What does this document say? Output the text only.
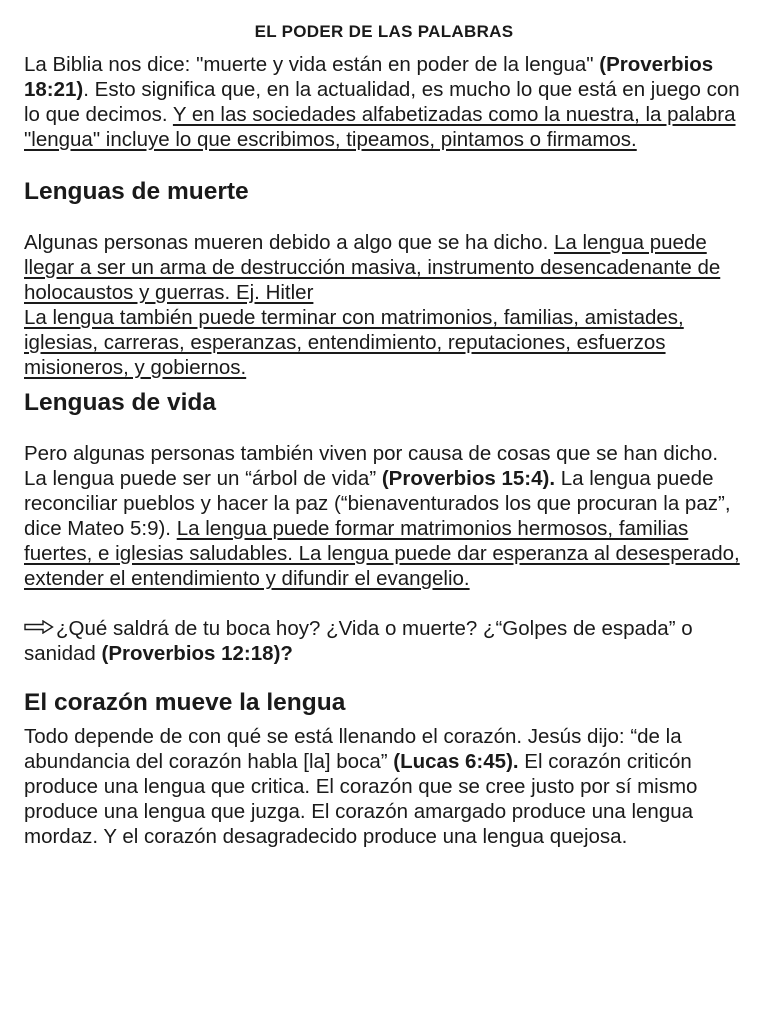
EL PODER DE LAS PALABRAS

La Biblia nos dice: "muerte y vida están en poder de la lengua" (Proverbios 18:21). Esto significa que, en la actualidad, es mucho lo que está en juego con lo que decimos. Y en las sociedades alfabetizadas como la nuestra, la palabra "lengua" incluye lo que escribimos, tipeamos, pintamos o firmamos.

Lenguas de muerte

Algunas personas mueren debido a algo que se ha dicho. La lengua puede llegar a ser un arma de destrucción masiva, instrumento desencadenante de holocaustos y guerras. Ej. Hitler
La lengua también puede terminar con matrimonios, familias, amistades, iglesias, carreras, esperanzas, entendimiento, reputaciones, esfuerzos misioneros, y gobiernos.

Lenguas de vida

Pero algunas personas también viven por causa de cosas que se han dicho. La lengua puede ser un “árbol de vida” (Proverbios 15:4). La lengua puede reconciliar pueblos y hacer la paz (“bienaventurados los que procuran la paz”, dice Mateo 5:9). La lengua puede formar matrimonios hermosos, familias fuertes, e iglesias saludables. La lengua puede dar esperanza al desesperado, extender el entendimiento y difundir el evangelio.

¿Qué saldrá de tu boca hoy? ¿Vida o muerte? ¿“Golpes de espada” o sanidad (Proverbios 12:18)?

El corazón mueve la lengua

Todo depende de con qué se está llenando el corazón. Jesús dijo: “de la abundancia del corazón habla [la] boca” (Lucas 6:45). El corazón criticón produce una lengua que critica. El corazón que se cree justo por sí mismo produce una lengua que juzga. El corazón amargado produce una lengua mordaz. Y el corazón desagradecido produce una lengua quejosa.
